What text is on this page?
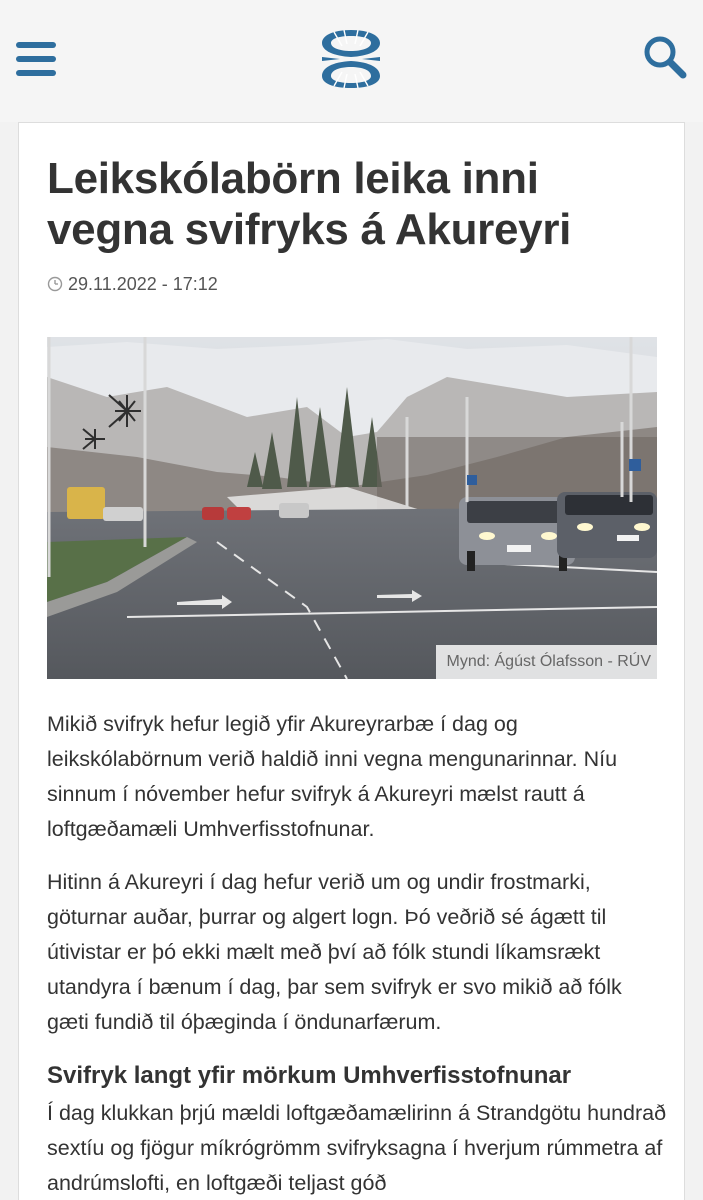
Leikskólabörn leika inni vegna svifryks á Akureyri
29.11.2022 - 17:12
Mynd: Ágúst Ólafsson - RÚV

Mikið svifryk hefur legið yfir Akureyrarbæ í dag og leikskólabörnum verið haldið inni vegna mengunarinnar. Níu sinnum í nóvember hefur svifryk á Akureyri mælst rautt á loftgæðamæli Umhverfisstofnunar.

Hitinn á Akureyri í dag hefur verið um og undir frostmarki, göturnar auðar, þurrar og algert logn. Þó veðrið sé ágætt til útivistar er þó ekki mælt með því að fólk stundi líkamsrækt utandyra í bænum í dag, þar sem svifryk er svo mikið að fólk gæti fundið til óþæginda í öndunarfærum.

Svifryk langt yfir mörkum Umhverfisstofnunar

Í dag klukkan þrjú mældi loftgæðamælirinn á Strandgötu hundrað sextíu og fjögur míkrógrömm svifryksagna í hverjum rúmmetra af andrúmslofti, en loftgæði teljast góð
